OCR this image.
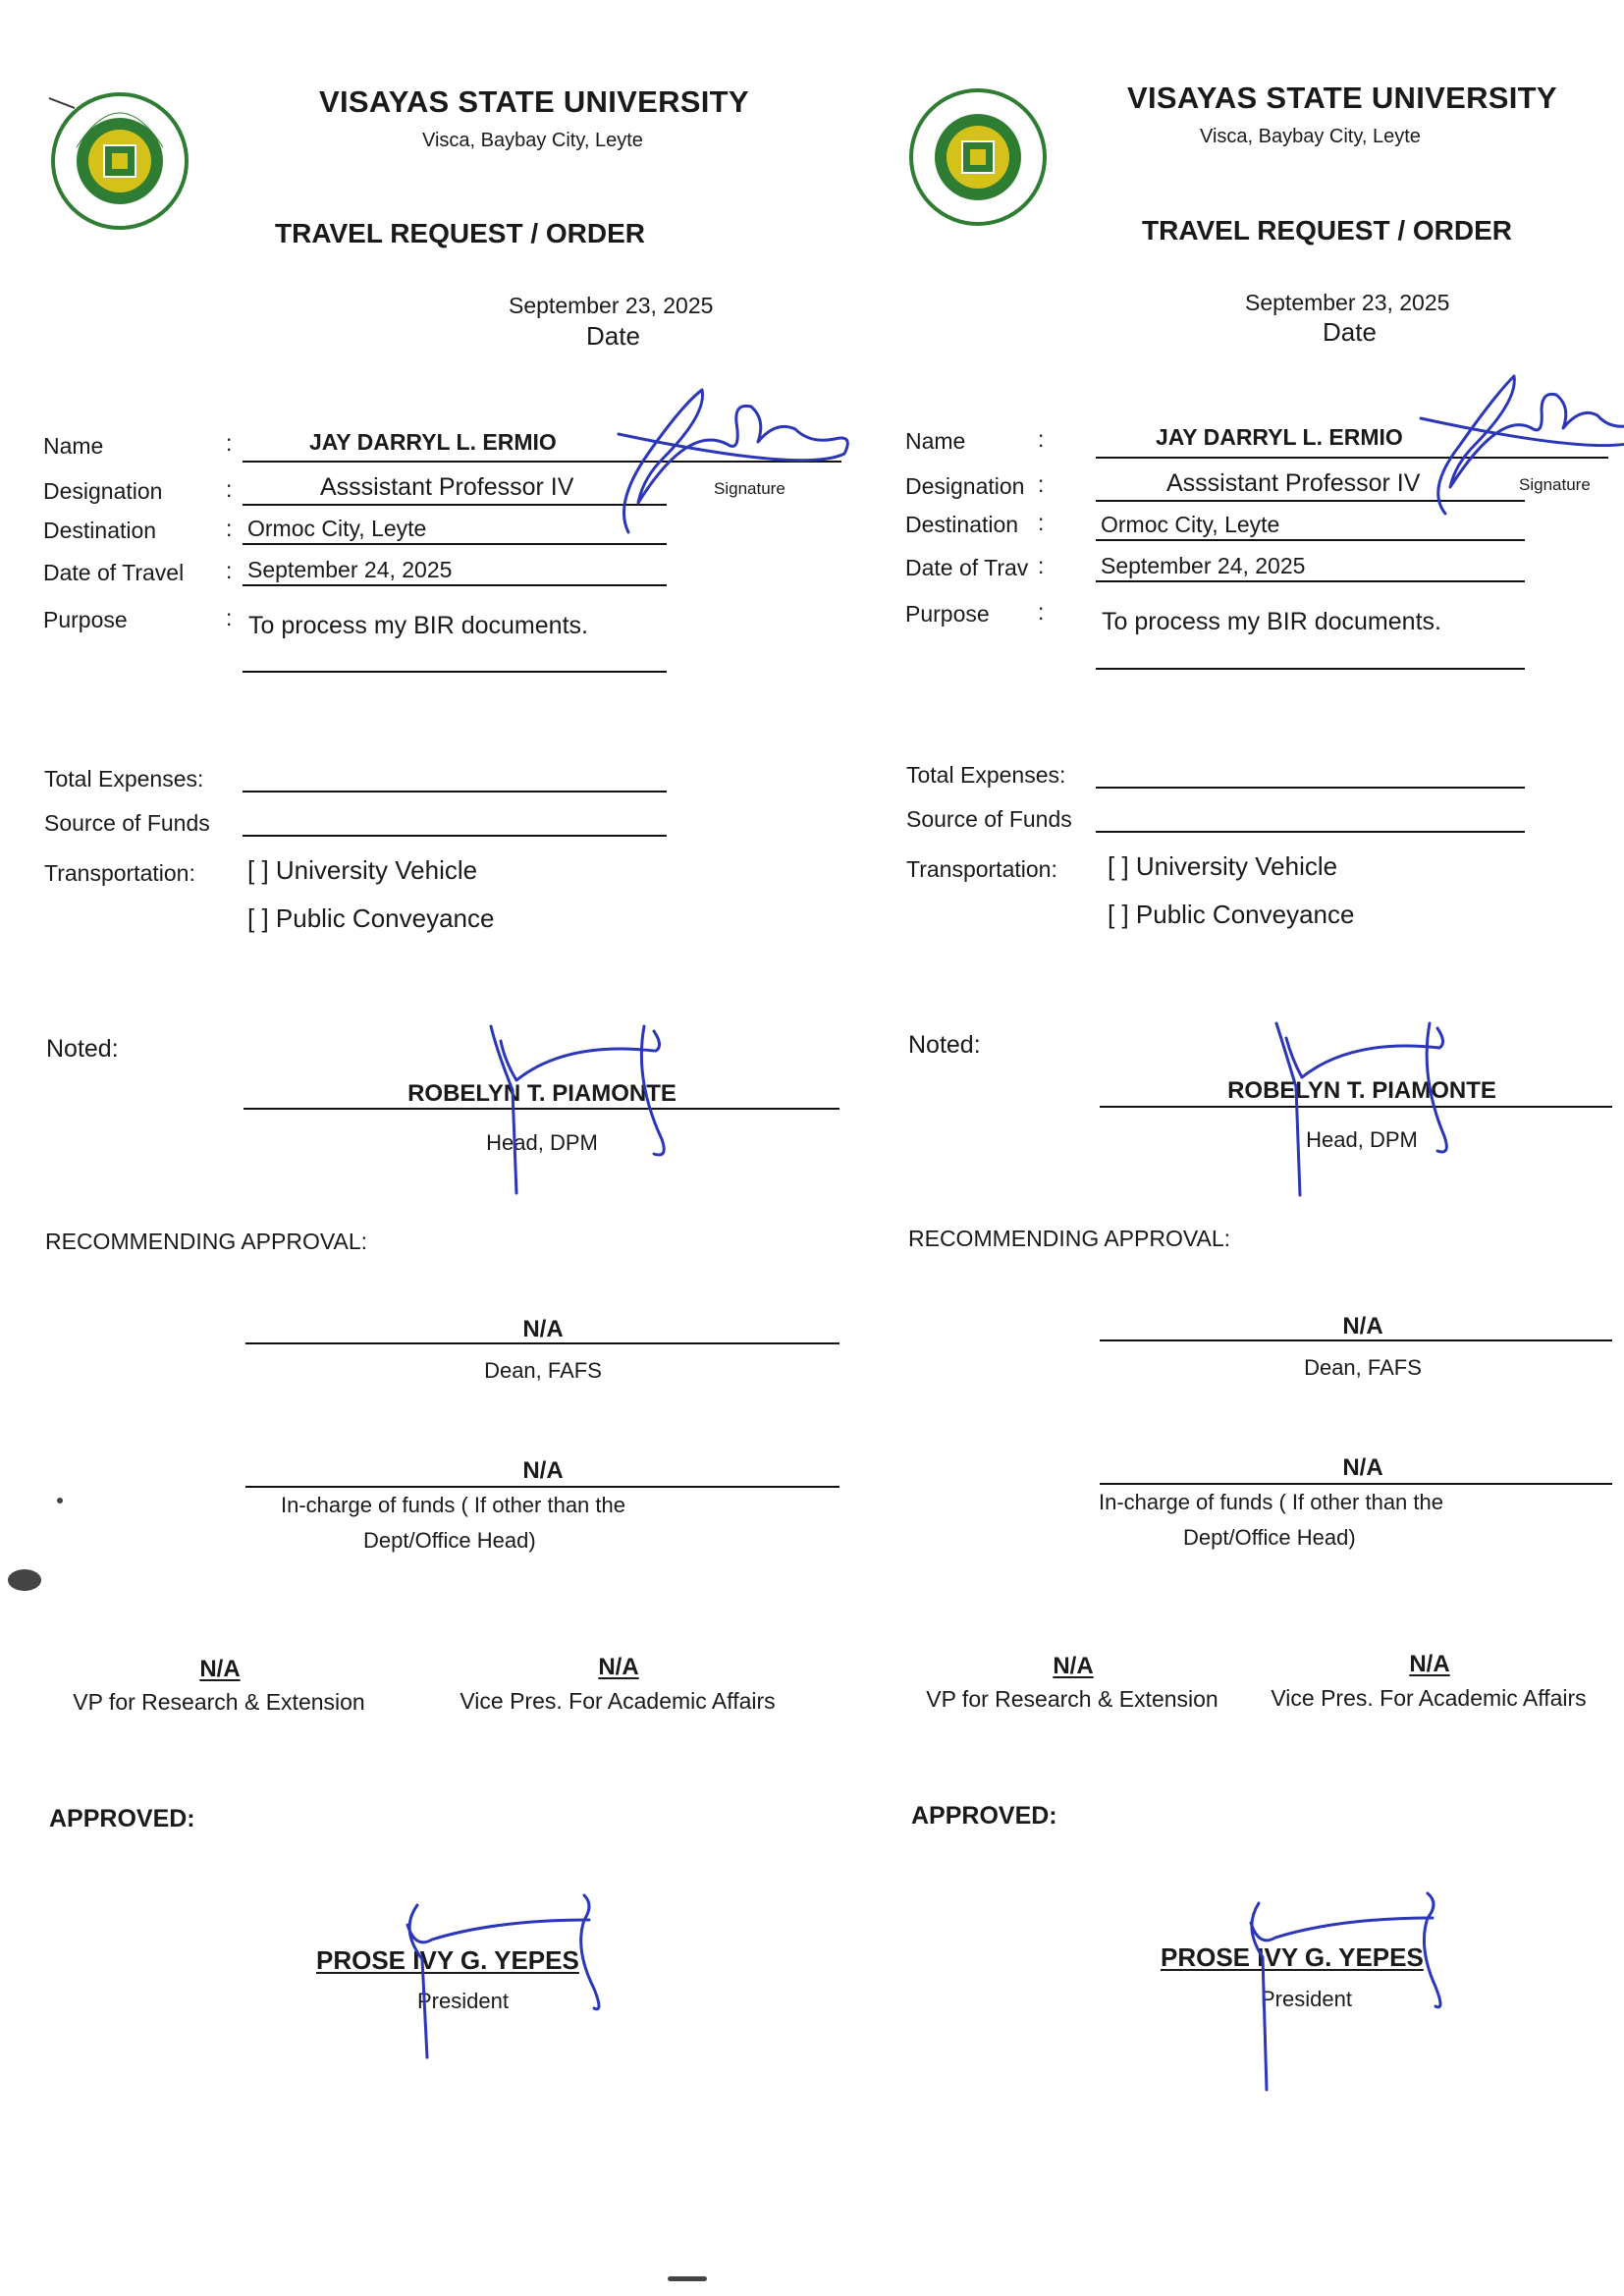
VISAYAS STATE UNIVERSITY
Visca, Baybay City, Leyte
TRAVEL REQUEST / ORDER
September 23, 2025
Date
Name	:	JAY DARRYL L. ERMIO
Designation	:	Asssistant Professor IV	Signature
Destination	: Ormoc City, Leyte
Date of Travel : September 24, 2025
Purpose	: To process my BIR documents.
Total Expenses:
Source of Funds
Transportation: [ ] University Vehicle
[ ] Public Conveyance
Noted:
ROBELYN T. PIAMONTE
Head, DPM
RECOMMENDING APPROVAL:
N/A
Dean, FAFS
N/A
In-charge of funds ( If other than the
Dept/Office Head)
N/A
VP for Research & Extension
N/A
Vice Pres. For Academic Affairs
APPROVED:
PROSE IVY G. YEPES
President
VISAYAS STATE UNIVERSITY
Visca, Baybay City, Leyte
TRAVEL REQUEST / ORDER
September 23, 2025
Date
Name	:	JAY DARRYL L. ERMIO
Designation :	Asssistant Professor IV	Signature
Destination :	Ormoc City, Leyte
Date of Trav :	September 24, 2025
Purpose : To process my BIR documents.
Total Expenses:
Source of Funds
Transportation: [ ] University Vehicle
[ ] Public Conveyance
Noted:
ROBELYN T. PIAMONTE
Head, DPM
RECOMMENDING APPROVAL:
N/A
Dean, FAFS
N/A
In-charge of funds ( If other than the
Dept/Office Head)
N/A
VP for Research & Extension
N/A
Vice Pres. For Academic Affairs
APPROVED:
PROSE IVY G. YEPES
President
